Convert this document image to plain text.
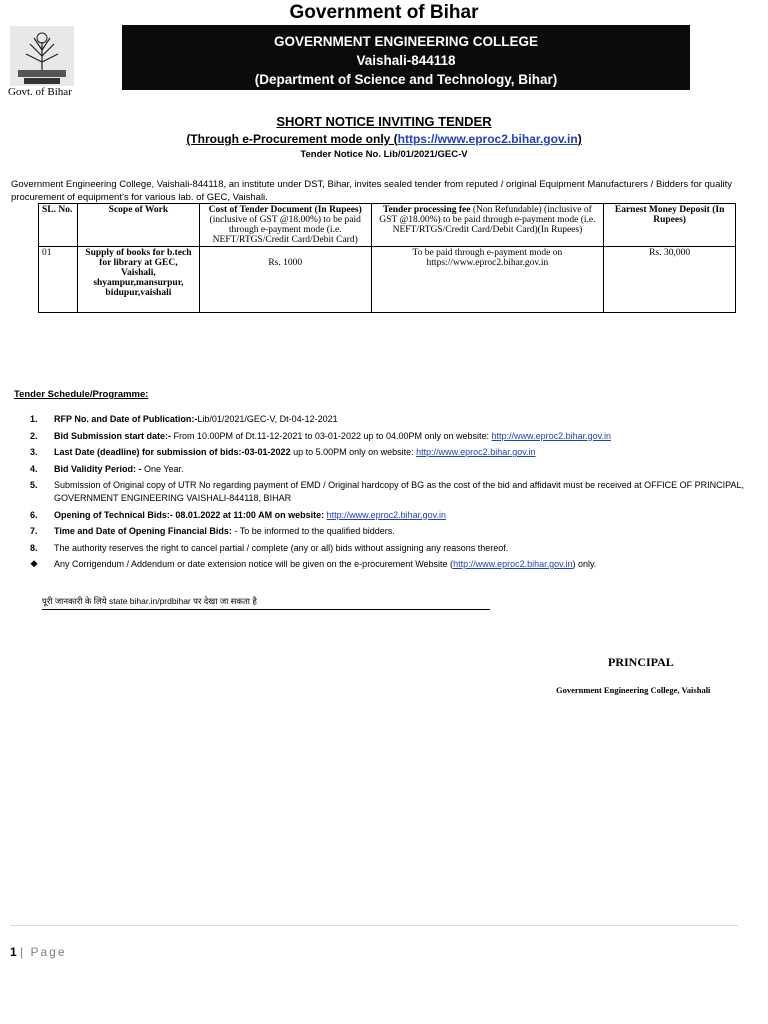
Government of Bihar
Govt. of Bihar
GOVERNMENT ENGINEERING COLLEGE
Vaishali-844118
(Department of Science and Technology, Bihar)
SHORT NOTICE INVITING TENDER
(Through e-Procurement mode only (https://www.eproc2.bihar.gov.in)
Tender Notice No. Lib/01/2021/GEC-V
Government Engineering College, Vaishali-844118, an institute under DST, Bihar, invites sealed tender from reputed / original Equipment Manufacturers / Bidders for quality procurement of equipment’s for various lab. of GEC, Vaishali.
SL. No.	Scope of Work	Cost of Tender Document (In Rupees) (inclusive of GST @18.00%) to be paid through e-payment mode (i.e. NEFT/RTGS/Credit Card/Debit Card)	Tender processing fee (Non Refundable) (inclusive of GST @18.00%) to be paid through e-payment mode (i.e. NEFT/RTGS/Credit Card/Debit Card)(In Rupees)	Earnest Money Deposit (In Rupees)
01	Supply of books for b.tech for library at GEC, Vaishali, shyampur,mansurpur, bidupur,vaishali	Rs. 1000	To be paid through e-payment mode on https://www.eproc2.bihar.gov.in	Rs. 30,000
Tender Schedule/Programme:
1. RFP No. and Date of Publication:-Lib/01/2021/GEC-V, Dt-04-12-2021
2. Bid Submission start date:- From 10.00PM of Dt.11-12-2021 to 03-01-2022 up to 04.00PM only on website: http://www.eproc2.bihar.gov.in
3. Last Date (deadline) for submission of bids:-03-01-2022 up to 5.00PM only on website: http://www.eproc2.bihar.gov.in
4. Bid Validity Period: - One Year.
5. Submission of Original copy of UTR No regarding payment of EMD / Original hardcopy of BG as the cost of the bid and affidavit must be received at OFFICE OF PRINCIPAL, GOVERNMENT ENGINEERING VAISHALI-844118, BIHAR
6. Opening of Technical Bids:- 08.01.2022 at 11:00 AM on website: http://www.eproc2.bihar.gov.in
7. Time and Date of Opening Financial Bids: - To be informed to the qualified bidders.
8. The authority reserves the right to cancel partial / complete (any or all) bids without assigning any reasons thereof.
❖ Any Corrigendum / Addendum or date extension notice will be given on the e-procurement Website (http://www.eproc2.bihar.gov.in) only.
पूरी जानकारी के लिये state bihar.in/prdbihar पर देखा जा सकता है
PRINCIPAL
Government Engineering College, Vaishali
1 | Page
